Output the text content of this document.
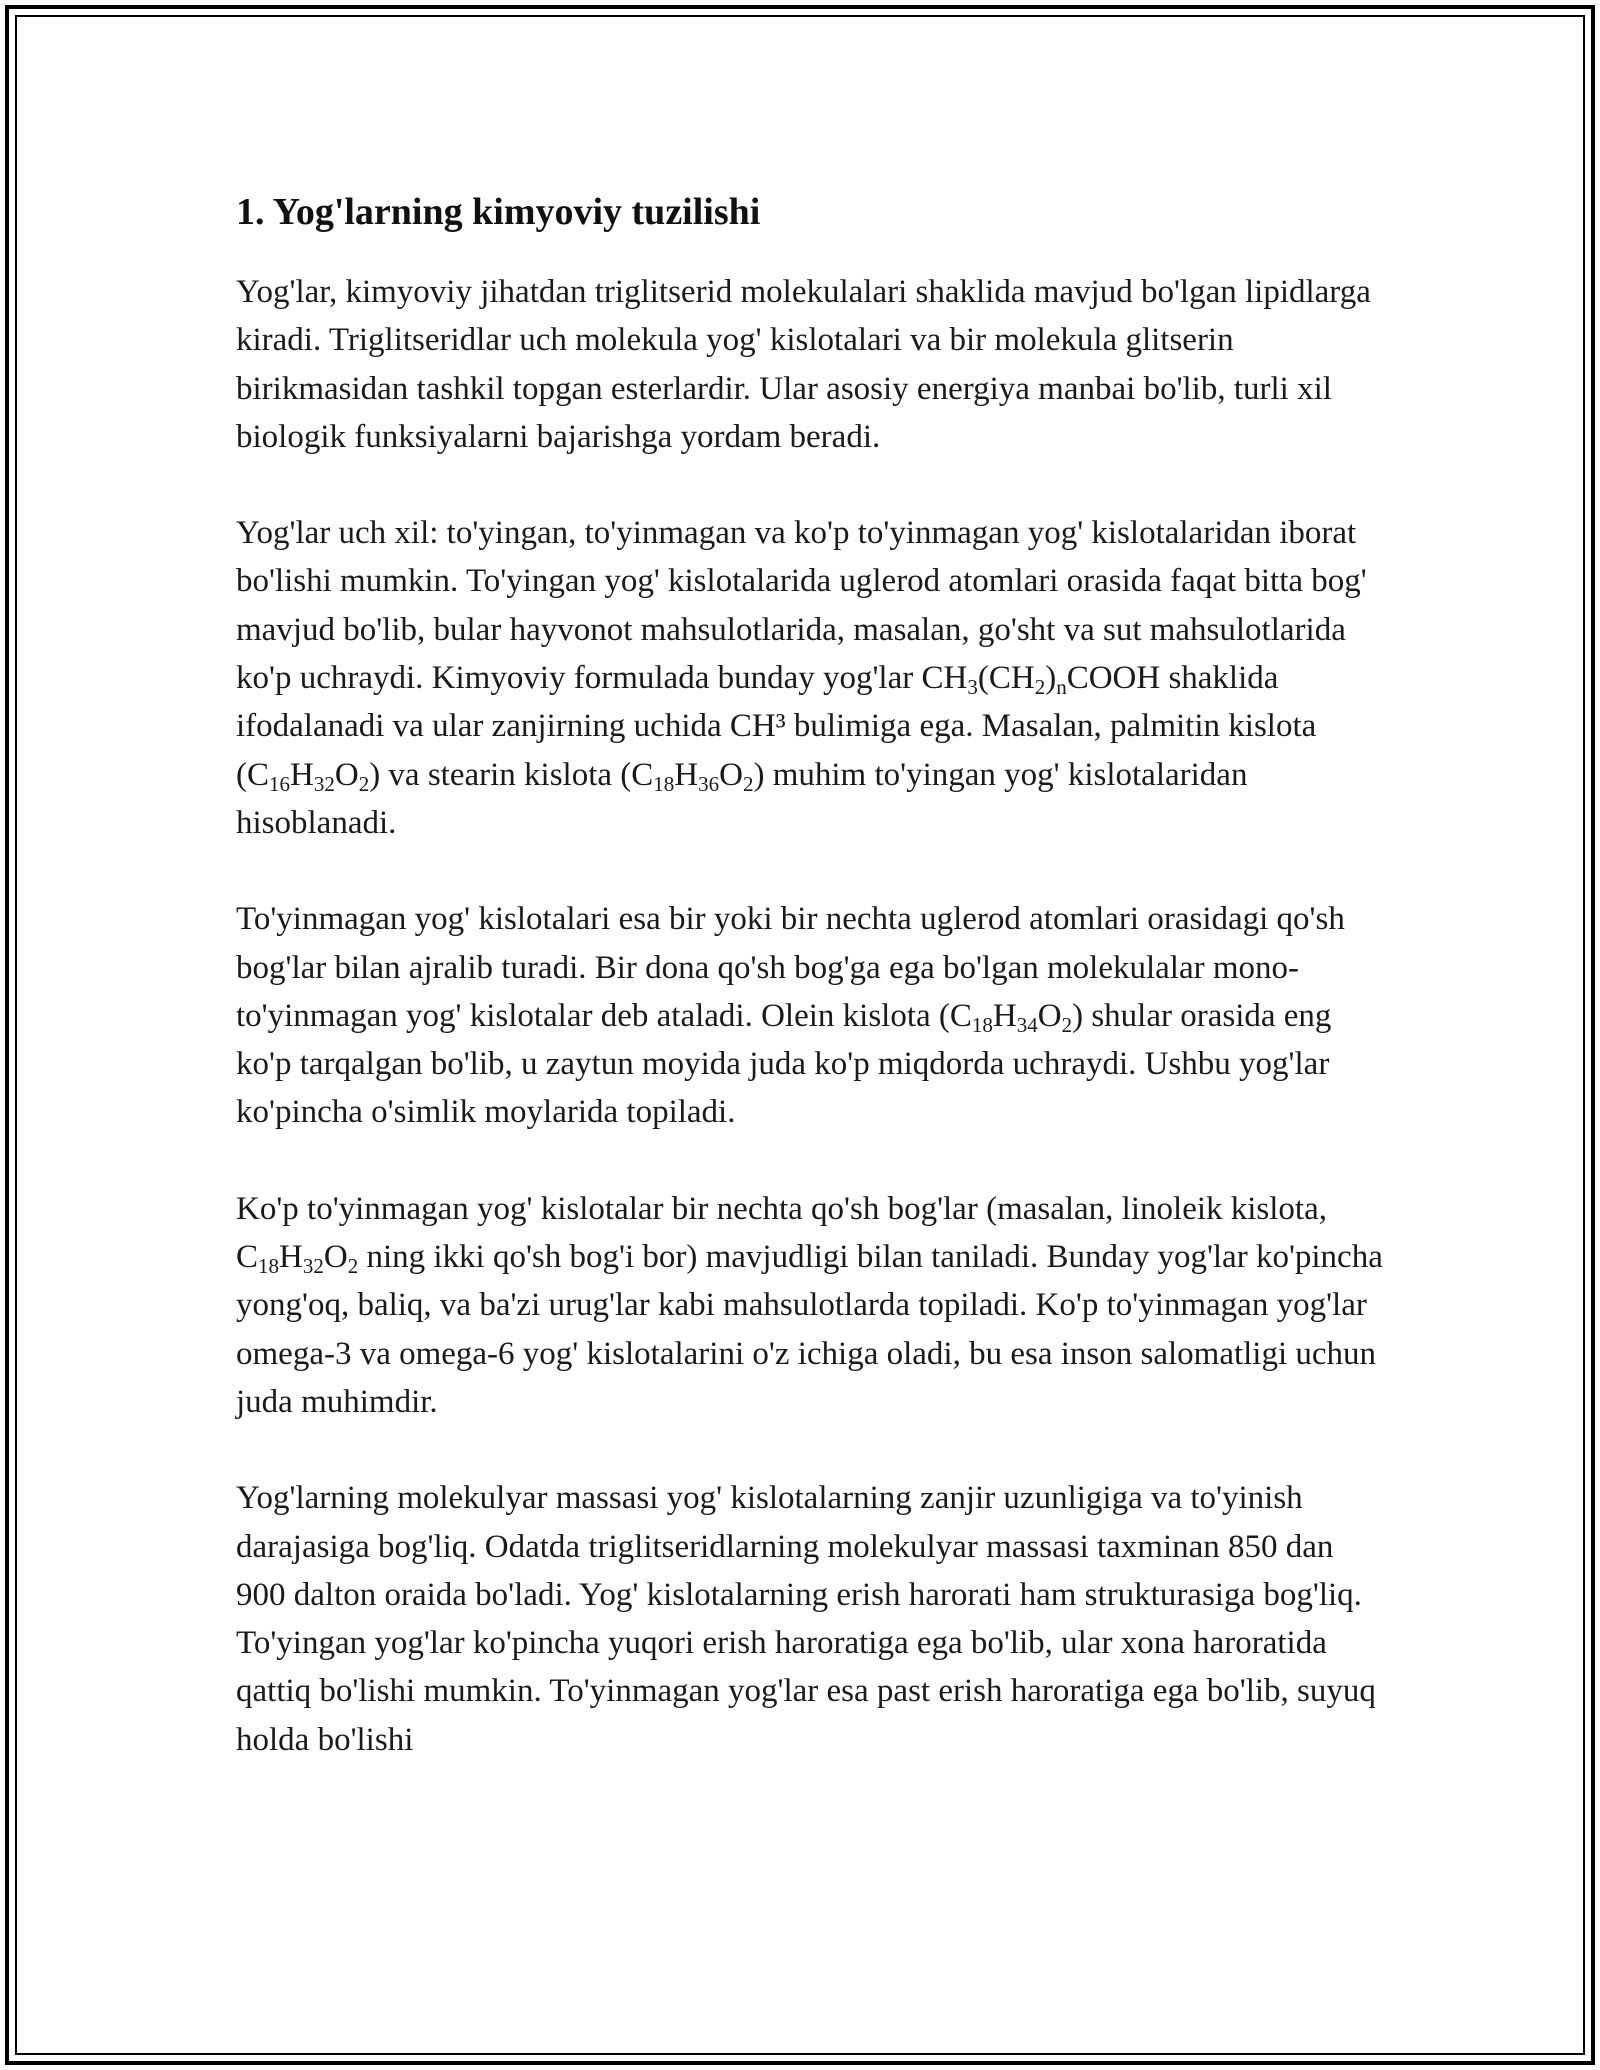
1. Yog'larning kimyoviy tuzilishi

Yog'lar, kimyoviy jihatdan triglitserid molekulalari shaklida mavjud bo'lgan lipidlarga kiradi. Triglitseridlar uch molekula yog' kislotalari va bir molekula glitserin birikmasidan tashkil topgan esterlardir. Ular asosiy energiya manbai bo'lib, turli xil biologik funksiyalarni bajarishga yordam beradi.

Yog'lar uch xil: to'yingan, to'yinmagan va ko'p to'yinmagan yog' kislotalaridan iborat bo'lishi mumkin. To'yingan yog' kislotalarida uglerod atomlari orasida faqat bitta bog' mavjud bo'lib, bular hayvonot mahsulotlarida, masalan, go'sht va sut mahsulotlarida ko'p uchraydi. Kimyoviy formulada bunday yog'lar $CH_3(CH_2)_nCOOH$ shaklida ifodalanadi va ular zanjirning uchida CH³ bulimiga ega. Masalan, palmitin kislota $(C_{16}H_{32}O_2)$ va stearin kislota $(C_{18}H_{36}O_2)$ muhim to'yingan yog' kislotalaridan hisoblanadi.

To'yinmagan yog' kislotalari esa bir yoki bir nechta uglerod atomlari orasidagi qo'sh bog'lar bilan ajralib turadi. Bir dona qo'sh bog'ga ega bo'lgan molekulalar mono-to'yinmagan yog' kislotalar deb ataladi. Olein kislota $(C_{18}H_{34}O_2)$ shular orasida eng ko'p tarqalgan bo'lib, u zaytun moyida juda ko'p miqdorda uchraydi. Ushbu yog'lar ko'pincha o'simlik moylarida topiladi.

Ko'p to'yinmagan yog' kislotalar bir nechta qo'sh bog'lar (masalan, linoleik kislota, $C_{18}H_{32}O_2$ ning ikki qo'sh bog'i bor) mavjudligi bilan taniladi. Bunday yog'lar ko'pincha yong'oq, baliq, va ba'zi urug'lar kabi mahsulotlarda topiladi. Ko'p to'yinmagan yog'lar omega-3 va omega-6 yog' kislotalarini o'z ichiga oladi, bu esa inson salomatligi uchun juda muhimdir.

Yog'larning molekulyar massasi yog' kislotalarning zanjir uzunligiga va to'yinish darajasiga bog'liq. Odatda triglitseridlarning molekulyar massasi taxminan 850 dan 900 dalton oraida bo'ladi. Yog' kislotalarning erish harorati ham strukturasiga bog'liq. To'yingan yog'lar ko'pincha yuqori erish haroratiga ega bo'lib, ular xona haroratida qattiq bo'lishi mumkin. To'yinmagan yog'lar esa past erish haroratiga ega bo'lib, suyuq holda bo'lishi
